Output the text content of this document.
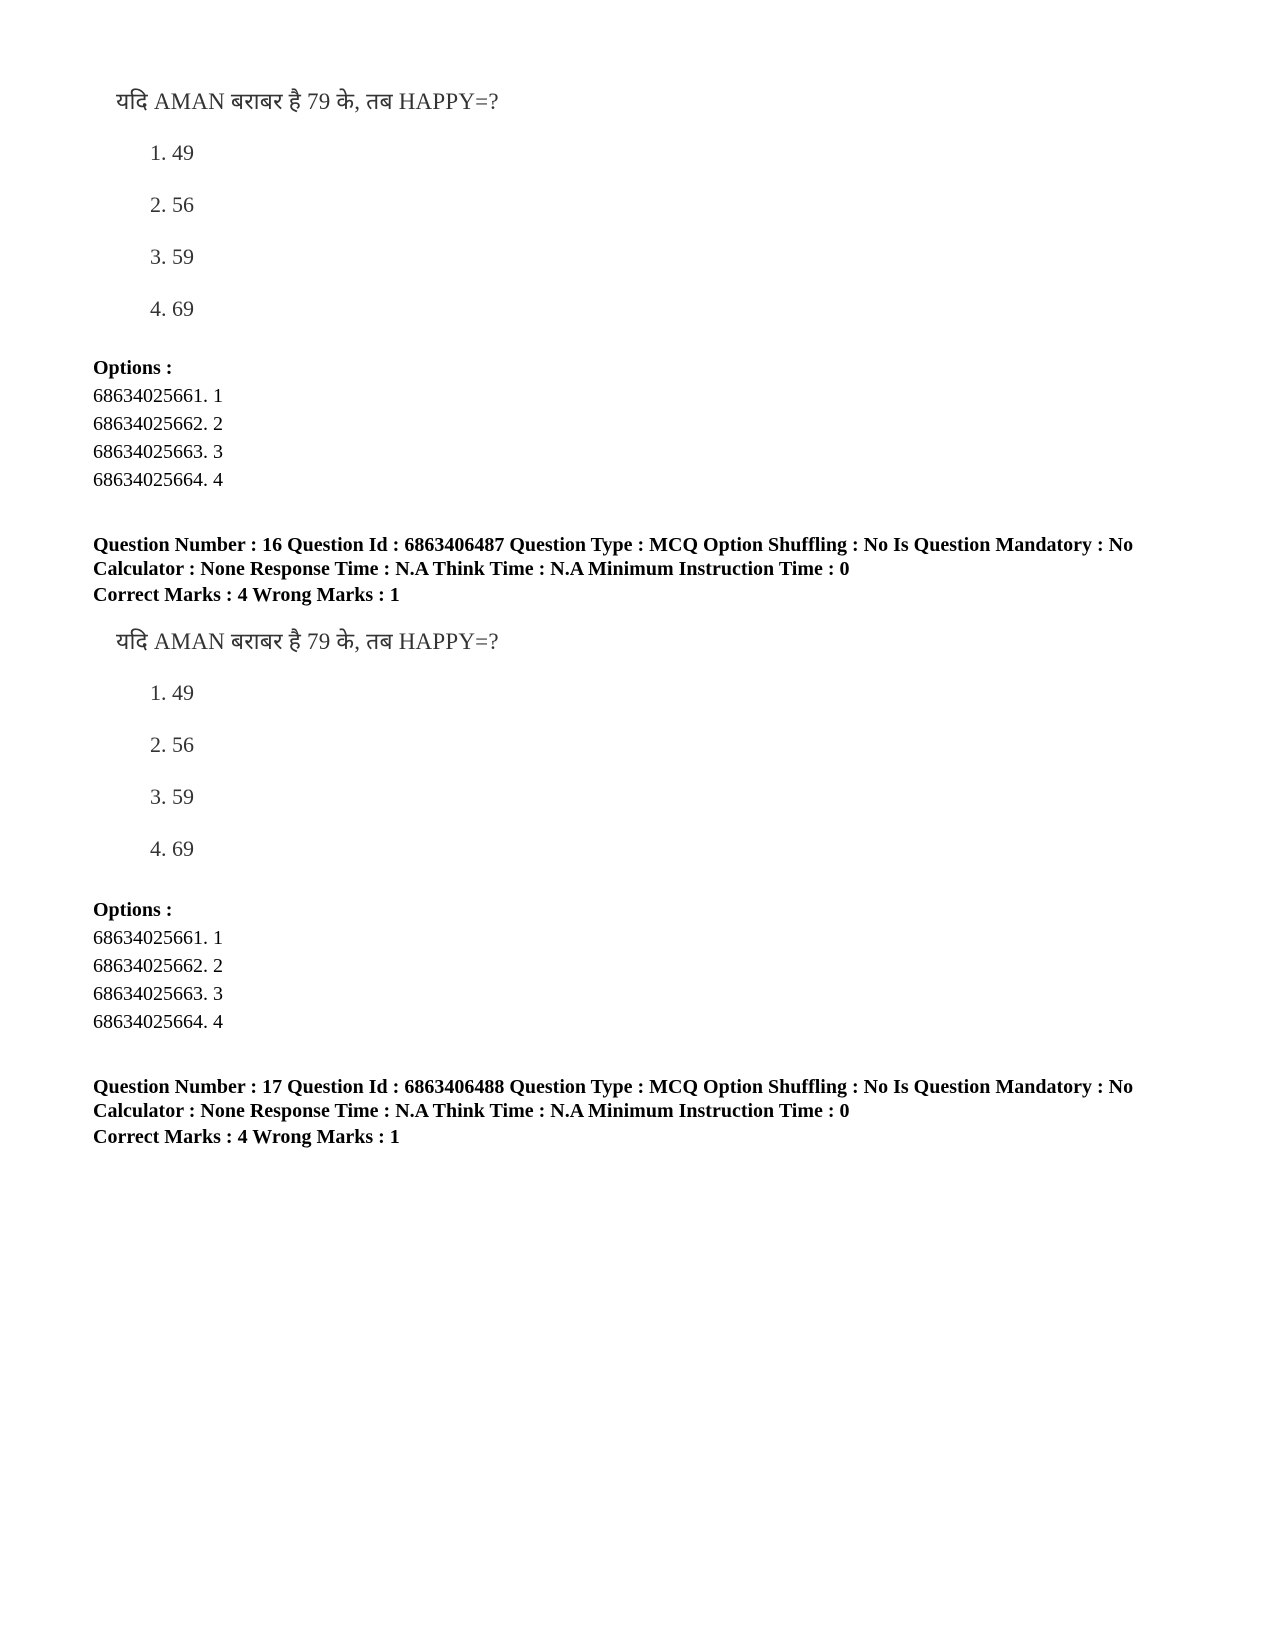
यदि AMAN बराबर है 79 के, तब HAPPY=?
1. 49
2. 56
3. 59
4. 69
Options :
68634025661. 1
68634025662. 2
68634025663. 3
68634025664. 4
Question Number : 16 Question Id : 6863406487 Question Type : MCQ Option Shuffling : No Is Question Mandatory : No Calculator : None Response Time : N.A Think Time : N.A Minimum Instruction Time : 0
Correct Marks : 4 Wrong Marks : 1
यदि AMAN बराबर है 79 के, तब HAPPY=?
1. 49
2. 56
3. 59
4. 69
Options :
68634025661. 1
68634025662. 2
68634025663. 3
68634025664. 4
Question Number : 17 Question Id : 6863406488 Question Type : MCQ Option Shuffling : No Is Question Mandatory : No Calculator : None Response Time : N.A Think Time : N.A Minimum Instruction Time : 0
Correct Marks : 4 Wrong Marks : 1
